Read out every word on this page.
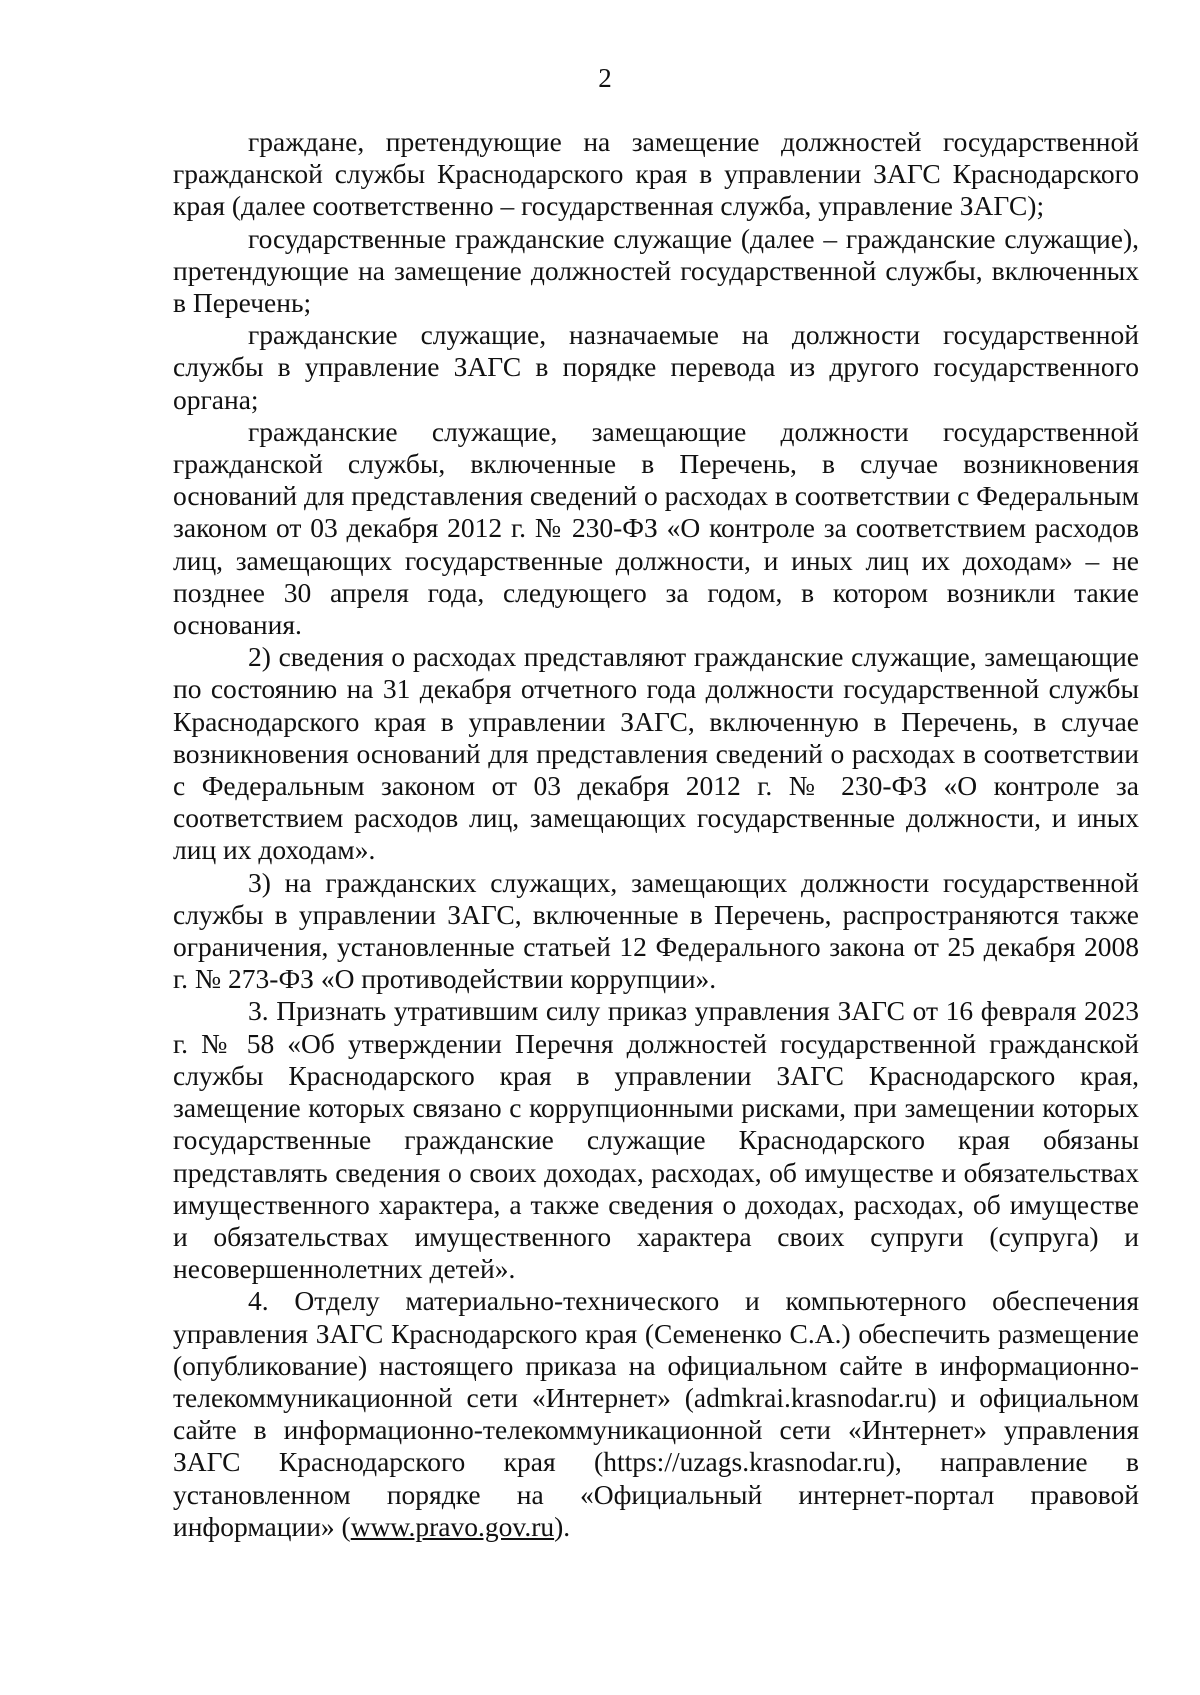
2

граждане, претендующие на замещение должностей государственной гражданской службы Краснодарского края в управлении ЗАГС Краснодарского края (далее соответственно – государственная служба, управление ЗАГС);

государственные гражданские служащие (далее – гражданские служащие), претендующие на замещение должностей государственной службы, включенных в Перечень;

гражданские служащие, назначаемые на должности государственной службы в управление ЗАГС в порядке перевода из другого государственного органа;

гражданские служащие, замещающие должности государственной гражданской службы, включенные в Перечень, в случае возникновения оснований для представления сведений о расходах в соответствии с Федеральным законом от 03 декабря 2012 г. № 230-ФЗ «О контроле за соответствием расходов лиц, замещающих государственные должности, и иных лиц их доходам» – не позднее 30 апреля года, следующего за годом, в котором возникли такие основания.

2) сведения о расходах представляют гражданские служащие, замещающие по состоянию на 31 декабря отчетного года должности государственной службы Краснодарского края в управлении ЗАГС, включенную в Перечень, в случае возникновения оснований для представления сведений о расходах в соответствии с Федеральным законом от 03 декабря 2012 г. № 230-ФЗ «О контроле за соответствием расходов лиц, замещающих государственные должности, и иных лиц их доходам».

3) на гражданских служащих, замещающих должности государственной службы в управлении ЗАГС, включенные в Перечень, распространяются также ограничения, установленные статьей 12 Федерального закона от 25 декабря 2008 г. № 273-ФЗ «О противодействии коррупции».

3. Признать утратившим силу приказ управления ЗАГС от 16 февраля 2023 г. № 58 «Об утверждении Перечня должностей государственной гражданской службы Краснодарского края в управлении ЗАГС Краснодарского края, замещение которых связано с коррупционными рисками, при замещении которых государственные гражданские служащие Краснодарского края обязаны представлять сведения о своих доходах, расходах, об имуществе и обязательствах имущественного характера, а также сведения о доходах, расходах, об имуществе и обязательствах имущественного характера своих супруги (супруга) и несовершеннолетних детей».

4. Отделу материально-технического и компьютерного обеспечения управления ЗАГС Краснодарского края (Семененко С.А.) обеспечить размещение (опубликование) настоящего приказа на официальном сайте в информационно-телекоммуникационной сети «Интернет» (admkrai.krasnodar.ru) и официальном сайте в информационно-телекоммуникационной сети «Интернет» управления ЗАГС Краснодарского края (https://uzags.krasnodar.ru), направление в установленном порядке на «Официальный интернет-портал правовой информации» (www.pravo.gov.ru).
